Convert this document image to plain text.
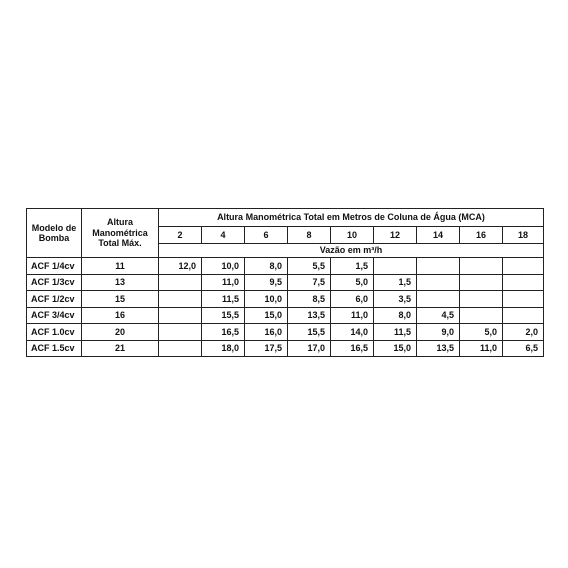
Modelo de Bomba	Altura Manométrica Total Máx.	Altura Manométrica Total em Metros de Coluna de Água (MCA)								
		2	4	6	8	10	12	14	16	18
		Vazão em m³/h								
ACF 1/4cv	11	12,0	10,0	8,0	5,5	1,5				
ACF 1/3cv	13		11,0	9,5	7,5	5,0	1,5			
ACF 1/2cv	15		11,5	10,0	8,5	6,0	3,5			
ACF 3/4cv	16		15,5	15,0	13,5	11,0	8,0	4,5		
ACF 1.0cv	20		16,5	16,0	15,5	14,0	11,5	9,0	5,0	2,0
ACF 1.5cv	21		18,0	17,5	17,0	16,5	15,0	13,5	11,0	6,5
